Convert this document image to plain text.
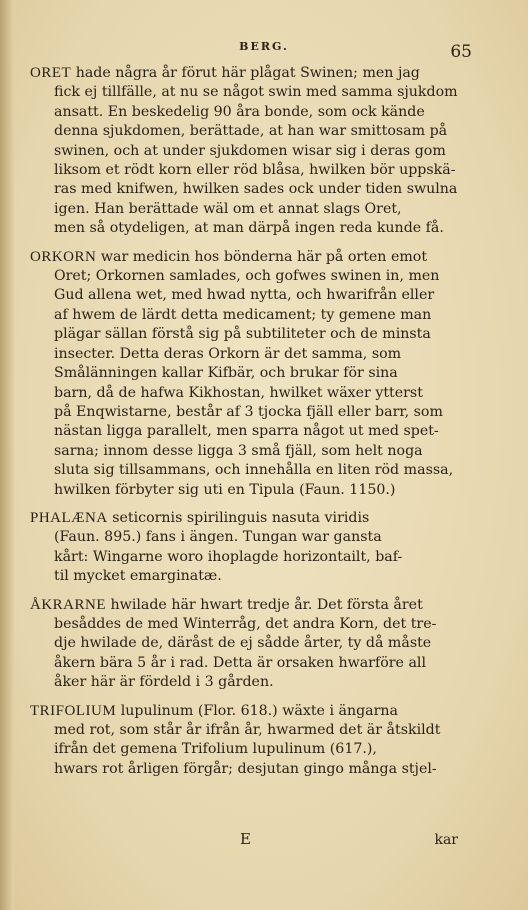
BERG.	65

ORET hade några år förut här plågat Swinen; men jag
fick ej tillfälle, at nu se något swin med samma sjukdom
ansatt. En beskedelig 90 åra bonde, som ock kände
denna sjukdomen, berättade, at han war smittosam på
swinen, och at under sjukdomen wisar sig i deras gom
liksom et rödt korn eller röd blåsa, hwilken bör uppskä-
ras med knifwen, hwilken sades ock under tiden swulna
igen. Han berättade wäl om et annat slags Oret,
men så otydeligen, at man därpå ingen reda kunde få.

ORKORN war medicin hos bönderna här på orten emot
Oret; Orkornen samlades, och gofwes swinen in, men
Gud allena wet, med hwad nytta, och hwarifrån eller
af hwem de lärdt detta medicament; ty gemene man
plägar sällan förstå sig på subtiliteter och de minsta
insecter. Detta deras Orkorn är det samma, som
Smålänningen kallar Kifbär, och brukar för sina
barn, då de hafwa Kikhostan, hwilket wäxer ytterst
på Enqwistarne, består af 3 tjocka fjäll eller barr, som
nästan ligga parallelt, men sparra något ut med spet-
sarna; innom desse ligga 3 små fjäll, som helt noga
sluta sig tillsammans, och innehålla en liten röd massa,
hwilken förbyter sig uti en Tipula (Faun. 1150.)

PHALÆNA seticornis spirilinguis nasuta viridis
(Faun. 895.) fans i ängen. Tungan war gansta
kårt: Wingarne woro ihoplagde horizontailt, baf-
til mycket emarginatæ.

ÅKRARNE hwilade här hwart tredje år. Det första året
besåddes de med Winterråg, det andra Korn, det tre-
dje hwilade de, däråst de ej sådde årter, ty då måste
åkern bära 5 år i rad. Detta är orsaken hwarföre all
åker här är fördeld i 3 gården.

TRIFOLIUM lupulinum (Flor. 618.) wäxte i ängarna
med rot, som står år ifrån år, hwarmed det är åtskildt
ifrån det gemena Trifolium lupulinum (617.),
hwars rot årligen förgår; desjutan gingo många stjel-

E	kar
